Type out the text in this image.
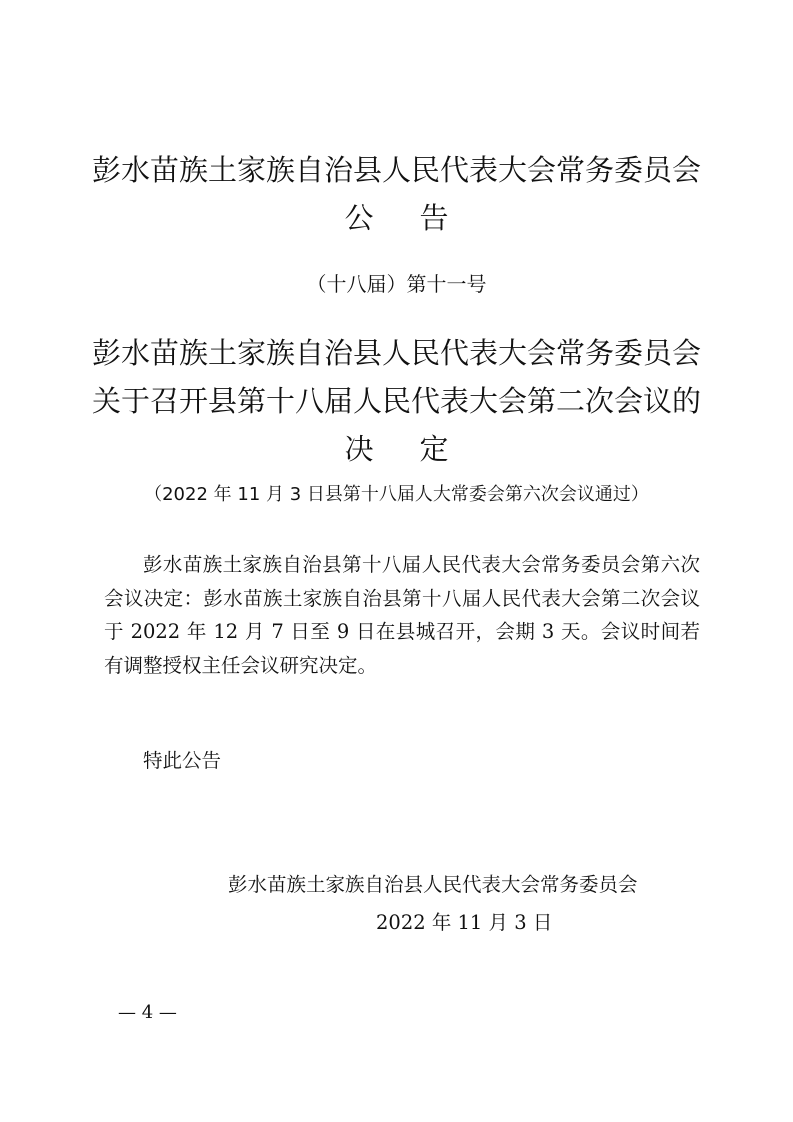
彭水苗族土家族自治县人民代表大会常务委员会
公告
（十八届）第十一号
彭水苗族土家族自治县人民代表大会常务委员会
关于召开县第十八届人民代表大会第二次会议的
决定
（2022 年 11 月 3 日县第十八届人大常委会第六次会议通过）
彭水苗族土家族自治县第十八届人民代表大会常务委员会第六次会议决定：彭水苗族土家族自治县第十八届人民代表大会第二次会议于 2022 年 12 月 7 日至 9 日在县城召开，会期 3 天。会议时间若有调整授权主任会议研究决定。
特此公告
彭水苗族土家族自治县人民代表大会常务委员会
2022 年 11 月 3 日
— 4 —
